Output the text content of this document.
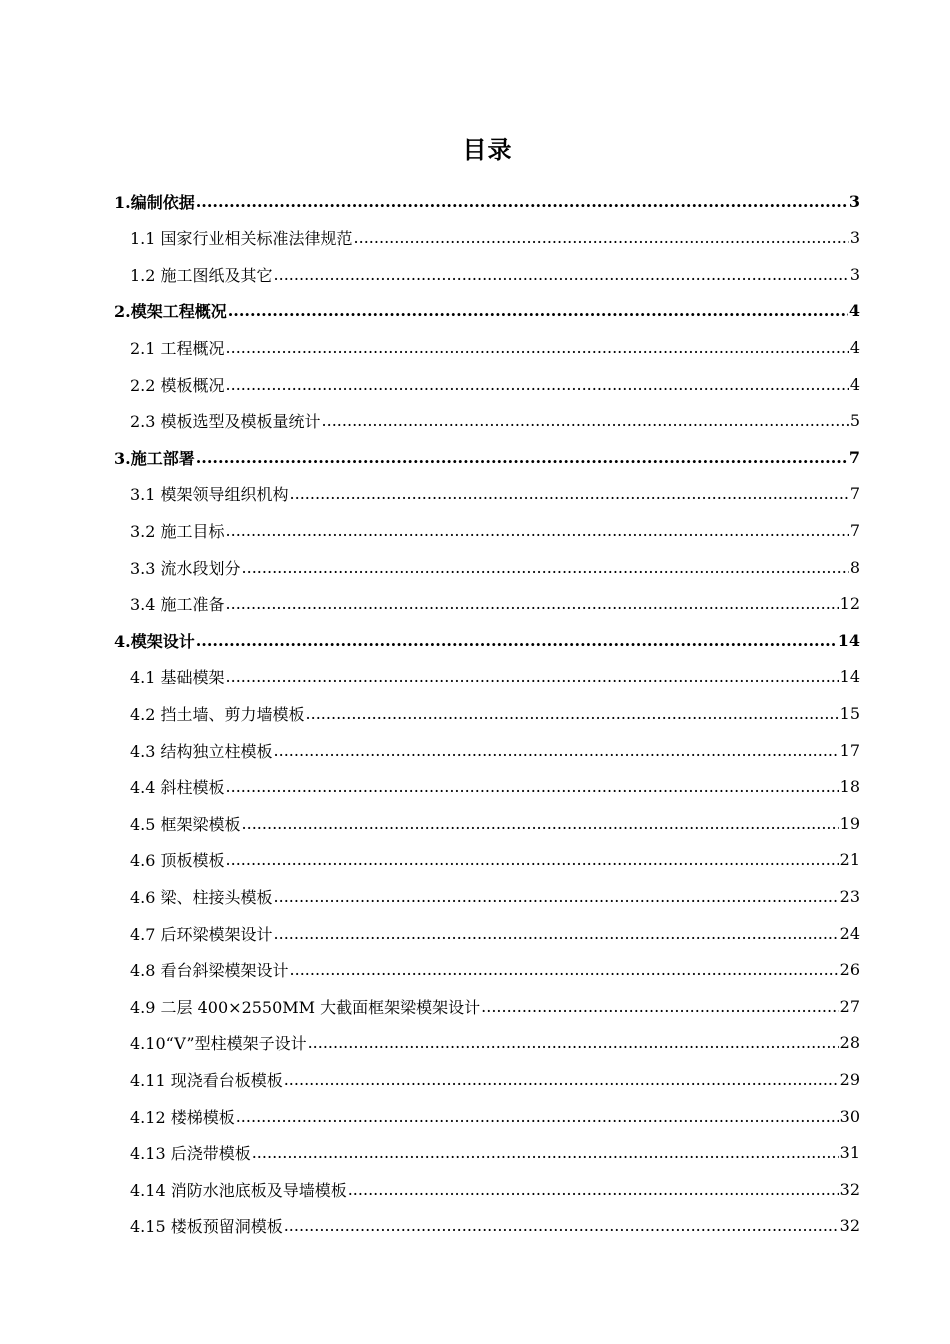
目录
1.编制依据 .....	3
1.1 国家行业相关标准法律规范 .....	3
1.2 施工图纸及其它 .....	3
2.模架工程概况 .....	4
2.1 工程概况 .....	4
2.2 模板概况 .....	4
2.3 模板选型及模板量统计 .....	5
3.施工部署 .....	7
3.1 模架领导组织机构 .....	7
3.2 施工目标 .....	7
3.3 流水段划分 .....	8
3.4 施工准备 .....	12
4.模架设计 .....	14
4.1 基础模架 .....	14
4.2 挡土墙、剪力墙模板 .....	15
4.3 结构独立柱模板 .....	17
4.4 斜柱模板 .....	18
4.5 框架梁模板 .....	19
4.6 顶板模板 .....	21
4.6 梁、柱接头模板 .....	23
4.7 后环梁模架设计 .....	24
4.8 看台斜梁模架设计 .....	26
4.9 二层 400×2550MM 大截面框架梁模架设计 .....	27
4.10“V”型柱模架子设计 .....	28
4.11 现浇看台板模板 .....	29
4.12 楼梯模板 .....	30
4.13 后浇带模板 .....	31
4.14 消防水池底板及导墙模板 .....	32
4.15 楼板预留洞模板 .....	32
